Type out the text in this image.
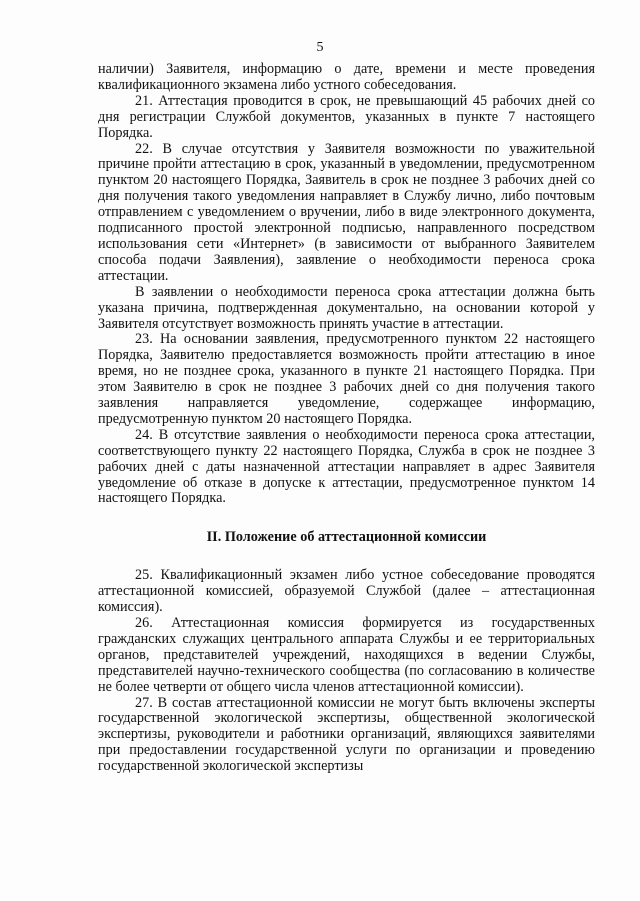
5

наличии) Заявителя, информацию о дате, времени и месте проведения квалификационного экзамена либо устного собеседования.

21. Аттестация проводится в срок, не превышающий 45 рабочих дней со дня регистрации Службой документов, указанных в пункте 7 настоящего Порядка.

22. В случае отсутствия у Заявителя возможности по уважительной причине пройти аттестацию в срок, указанный в уведомлении, предусмотренном пунктом 20 настоящего Порядка, Заявитель в срок не позднее 3 рабочих дней со дня получения такого уведомления направляет в Службу лично, либо почтовым отправлением с уведомлением о вручении, либо в виде электронного документа, подписанного простой электронной подписью, направленного посредством использования сети «Интернет» (в зависимости от выбранного Заявителем способа подачи Заявления), заявление о необходимости переноса срока аттестации.

В заявлении о необходимости переноса срока аттестации должна быть указана причина, подтвержденная документально, на основании которой у Заявителя отсутствует возможность принять участие в аттестации.

23. На основании заявления, предусмотренного пунктом 22 настоящего Порядка, Заявителю предоставляется возможность пройти аттестацию в иное время, но не позднее срока, указанного в пункте 21 настоящего Порядка. При этом Заявителю в срок не позднее 3 рабочих дней со дня получения такого заявления направляется уведомление, содержащее информацию, предусмотренную пунктом 20 настоящего Порядка.

24. В отсутствие заявления о необходимости переноса срока аттестации, соответствующего пункту 22 настоящего Порядка, Служба в срок не позднее 3 рабочих дней с даты назначенной аттестации направляет в адрес Заявителя уведомление об отказе в допуске к аттестации, предусмотренное пунктом 14 настоящего Порядка.

II. Положение об аттестационной комиссии

25. Квалификационный экзамен либо устное собеседование проводятся аттестационной комиссией, образуемой Службой (далее – аттестационная комиссия).

26. Аттестационная комиссия формируется из государственных гражданских служащих центрального аппарата Службы и ее территориальных органов, представителей учреждений, находящихся в ведении Службы, представителей научно-технического сообщества (по согласованию в количестве не более четверти от общего числа членов аттестационной комиссии).

27. В состав аттестационной комиссии не могут быть включены эксперты государственной экологической экспертизы, общественной экологической экспертизы, руководители и работники организаций, являющихся заявителями при предоставлении государственной услуги по организации и проведению государственной экологической экспертизы
